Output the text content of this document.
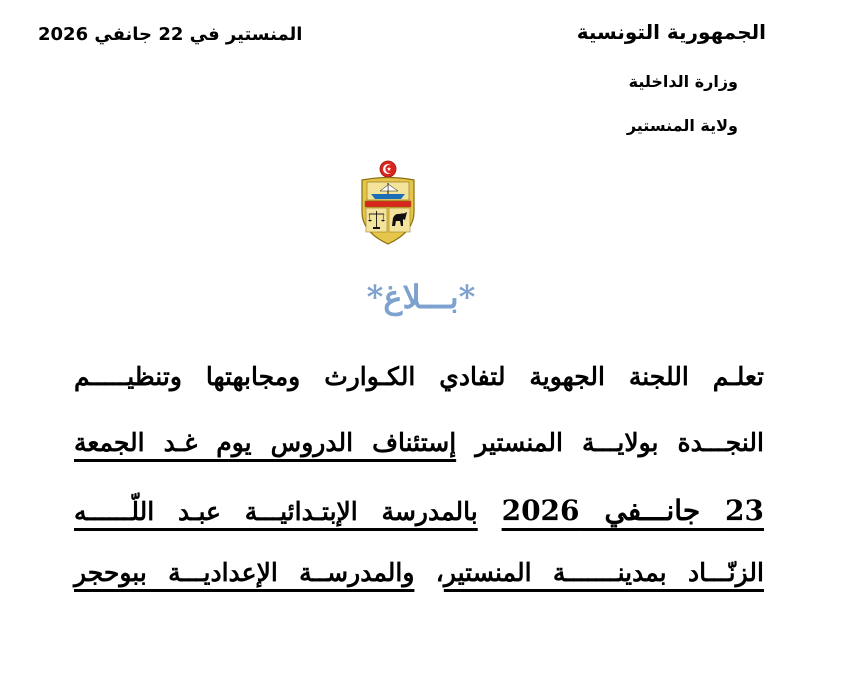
الجمهورية التونسية
وزارة الداخلية
ولاية المنستير
المنستير في 22 جانفي 2026
*بـــلاغ*
تعلـم اللجنة الجهوية لتفادي الكـوارث ومجابهتها وتنظيـــــم
النجـــدة بولايـــة المنستير إستئناف الدروس يوم غـد الجمعة
23 جانـــفي 2026 بالمدرسة الإبتـدائيـــة عبـد اللّــــــه
الزنّـــاد بمدينـــــــة المنستير، والمدرســة الإعداديـــة ببوحجر
